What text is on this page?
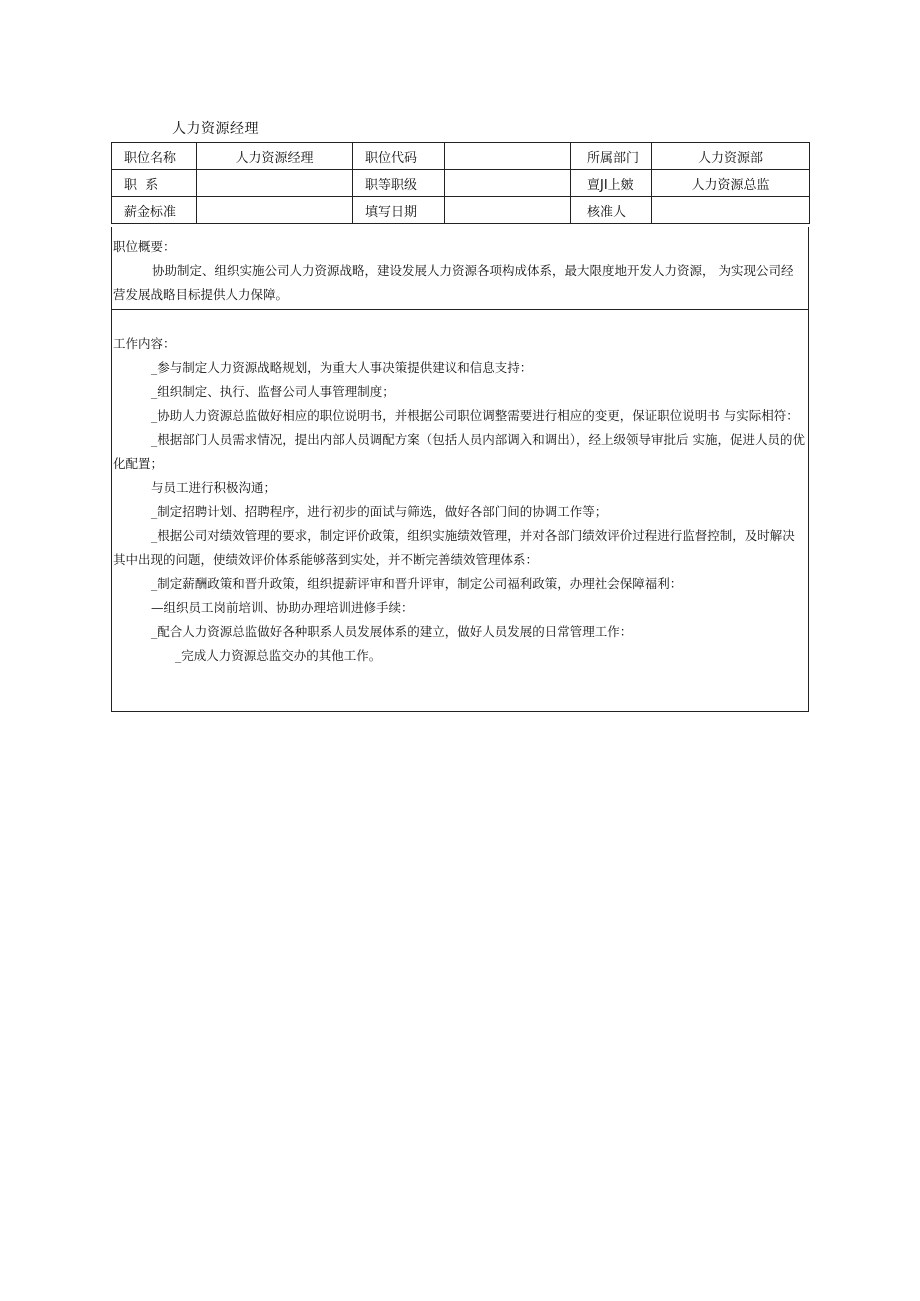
人力资源经理
职位名称	人力资源经理	职位代码		所属部门	人力资源部
职  系		职等职级		亶JI上皴	人力资源总监
薪金标准		填写日期		核准人	

职位概要：

协助制定、组织实施公司人力资源战略，建设发展人力资源各项构成体系，最大限度地开发人力资源， 为实现公司经营发展战略目标提供人力保障。

工作内容：

_参与制定人力资源战略规划，为重大人事决策提供建议和信息支持：

_组织制定、执行、监督公司人事管理制度；

_协助人力资源总监做好相应的职位说明书，并根据公司职位调整需要进行相应的变更，保证职位说明书 与实际相符：

_根据部门人员需求情况，提出内部人员调配方案（包括人员内部调入和调出），经上级领导审批后 实施，促进人员的优化配置；

与员工进行积极沟通；

_制定招聘计划、招聘程序，进行初步的面试与筛选，做好各部门间的协调工作等；

_根据公司对绩效管理的要求，制定评价政策，组织实施绩效管理，并对各部门绩效评价过程进行监督控制，及时解决其中出现的问题，使绩效评价体系能够落到实处，并不断完善绩效管理体系：

_制定薪酬政策和晋升政策，组织提薪评审和晋升评审，制定公司福利政策，办理社会保障福利：

—组织员工岗前培训、协助办理培训进修手续：

_配合人力资源总监做好各种职系人员发展体系的建立，做好人员发展的日常管理工作：

_完成人力资源总监交办的其他工作。
